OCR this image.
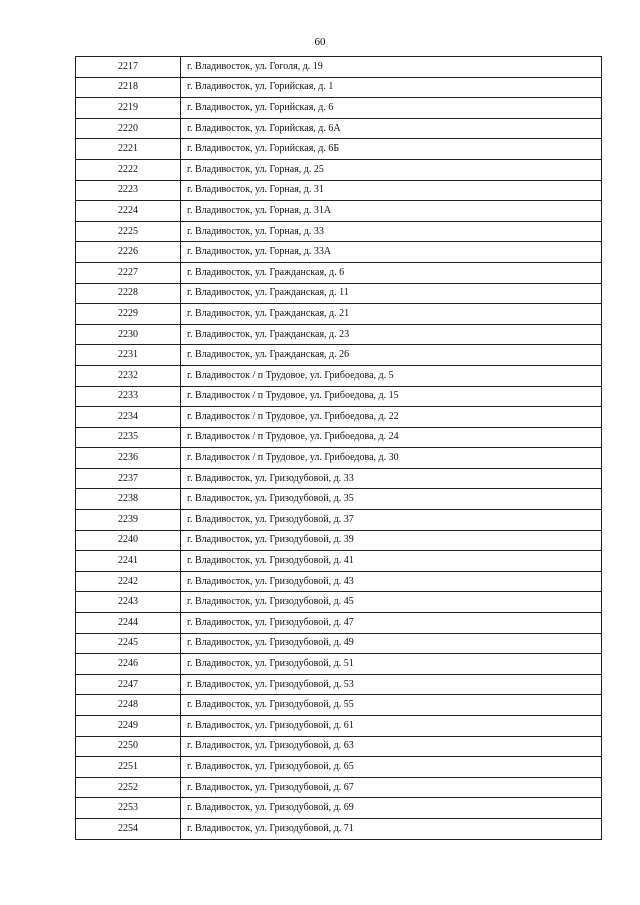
60
2217	г. Владивосток, ул. Гоголя, д. 19
2218	г. Владивосток, ул. Горийская, д. 1
2219	г. Владивосток, ул. Горийская, д. 6
2220	г. Владивосток, ул. Горийская, д. 6А
2221	г. Владивосток, ул. Горийская, д. 6Б
2222	г. Владивосток, ул. Горная, д. 25
2223	г. Владивосток, ул. Горная, д. 31
2224	г. Владивосток, ул. Горная, д. 31А
2225	г. Владивосток, ул. Горная, д. 33
2226	г. Владивосток, ул. Горная, д. 33А
2227	г. Владивосток, ул. Гражданская, д. 6
2228	г. Владивосток, ул. Гражданская, д. 11
2229	г. Владивосток, ул. Гражданская, д. 21
2230	г. Владивосток, ул. Гражданская, д. 23
2231	г. Владивосток, ул. Гражданская, д. 26
2232	г. Владивосток / п Трудовое, ул. Грибоедова, д. 5
2233	г. Владивосток / п Трудовое, ул. Грибоедова, д. 15
2234	г. Владивосток / п Трудовое, ул. Грибоедова, д. 22
2235	г. Владивосток / п Трудовое, ул. Грибоедова, д. 24
2236	г. Владивосток / п Трудовое, ул. Грибоедова, д. 30
2237	г. Владивосток, ул. Гризодубовой, д. 33
2238	г. Владивосток, ул. Гризодубовой, д. 35
2239	г. Владивосток, ул. Гризодубовой, д. 37
2240	г. Владивосток, ул. Гризодубовой, д. 39
2241	г. Владивосток, ул. Гризодубовой, д. 41
2242	г. Владивосток, ул. Гризодубовой, д. 43
2243	г. Владивосток, ул. Гризодубовой, д. 45
2244	г. Владивосток, ул. Гризодубовой, д. 47
2245	г. Владивосток, ул. Гризодубовой, д. 49
2246	г. Владивосток, ул. Гризодубовой, д. 51
2247	г. Владивосток, ул. Гризодубовой, д. 53
2248	г. Владивосток, ул. Гризодубовой, д. 55
2249	г. Владивосток, ул. Гризодубовой, д. 61
2250	г. Владивосток, ул. Гризодубовой, д. 63
2251	г. Владивосток, ул. Гризодубовой, д. 65
2252	г. Владивосток, ул. Гризодубовой, д. 67
2253	г. Владивосток, ул. Гризодубовой, д. 69
2254	г. Владивосток, ул. Гризодубовой, д. 71
